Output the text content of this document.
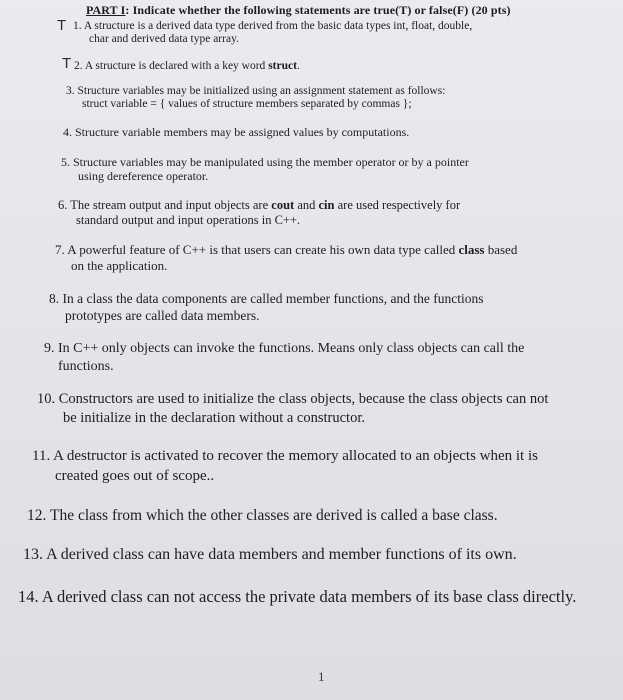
PART I: Indicate whether the following statements are true(T) or false(F) (20 pts)
T 1. A structure is a derived data type derived from the basic data types int, float, double,
char and derived data type array.
T 2. A structure is declared with a key word struct.
3. Structure variables may be initialized using an assignment statement as follows:
struct variable = { values of structure members separated by commas };
4. Structure variable members may be assigned values by computations.
5. Structure variables may be manipulated using the member operator or by a pointer
using dereference operator.
6. The stream output and input objects are cout and cin are used respectively for
standard output and input operations in C++.
7. A powerful feature of C++ is that users can create his own data type called class based
on the application.
8. In a class the data components are called member functions, and the functions
prototypes are called data members.
9. In C++ only objects can invoke the functions. Means only class objects can call the
functions.
10. Constructors are used to initialize the class objects, because the class objects can not
be initialize in the declaration without a constructor.
11. A destructor is activated to recover the memory allocated to an objects when it is
created goes out of scope..
12. The class from which the other classes are derived is called a base class.
13. A derived class can have data members and member functions of its own.
14. A derived class can not access the private data members of its base class directly.
1
